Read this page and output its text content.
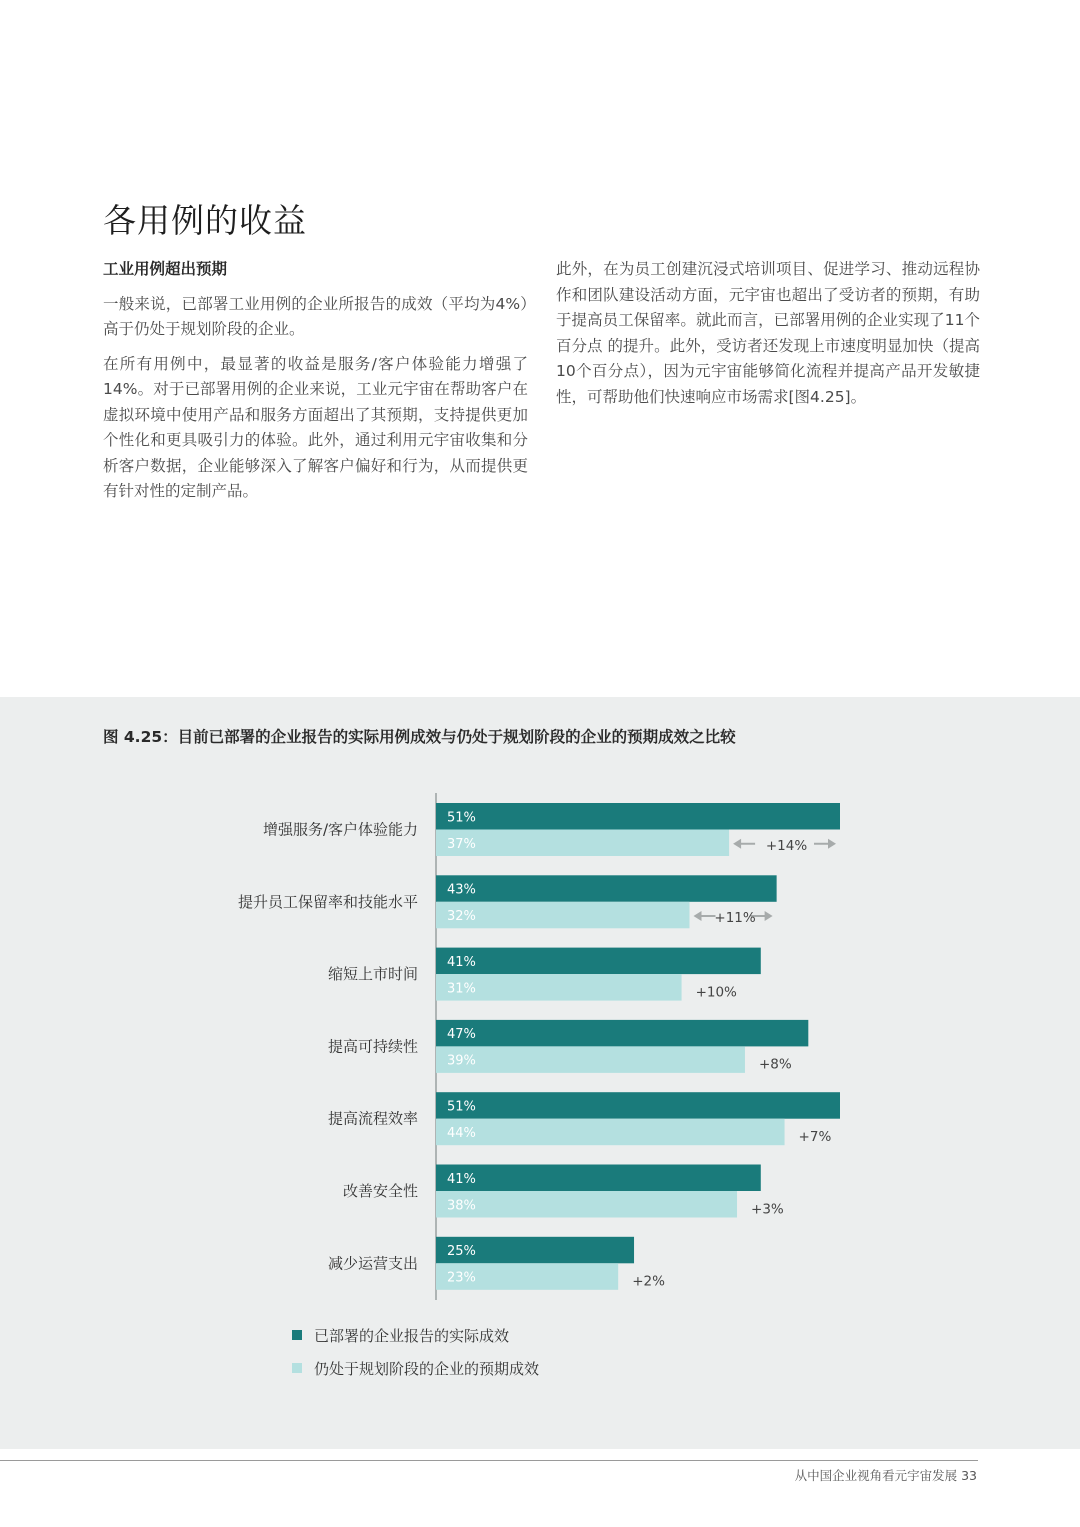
各用例的收益
工业用例超出预期

一般来说，已部署工业用例的企业所报告的成效（平均为4%）高于仍处于规划阶段的企业。

在所有用例中，最显著的收益是服务/客户体验能力增强了14%。对于已部署用例的企业来说，工业元宇宙在帮助客户在虚拟环境中使用产品和服务方面超出了其预期，支持提供更加个性化和更具吸引力的体验。此外，通过利用元宇宙收集和分析客户数据，企业能够深入了解客户偏好和行为，从而提供更有针对性的定制产品。

此外，在为员工创建沉浸式培训项目、促进学习、推动远程协作和团队建设活动方面，元宇宙也超出了受访者的预期，有助于提高员工保留率。就此而言，已部署用例的企业实现了11个百分点 的提升。此外，受访者还发现上市速度明显加快（提高10个百分点），因为元宇宙能够简化流程并提高产品开发敏捷性，可帮助他们快速响应市场需求[图4.25]。

图 4.25：目前已部署的企业报告的实际用例成效与仍处于规划阶段的企业的预期成效之比较
增强服务/客户体验能力
51%
37%	+14%
提升员工保留率和技能水平
43%
32%	+11%
缩短上市时间
41%
31%	+10%
提高可持续性
47%
39%	+8%
提高流程效率
51%
44%	+7%
改善安全性
41%
38%	+3%
减少运营支出
25%
23%	+2%
已部署的企业报告的实际成效
仍处于规划阶段的企业的预期成效
从中国企业视角看元宇宙发展 33
